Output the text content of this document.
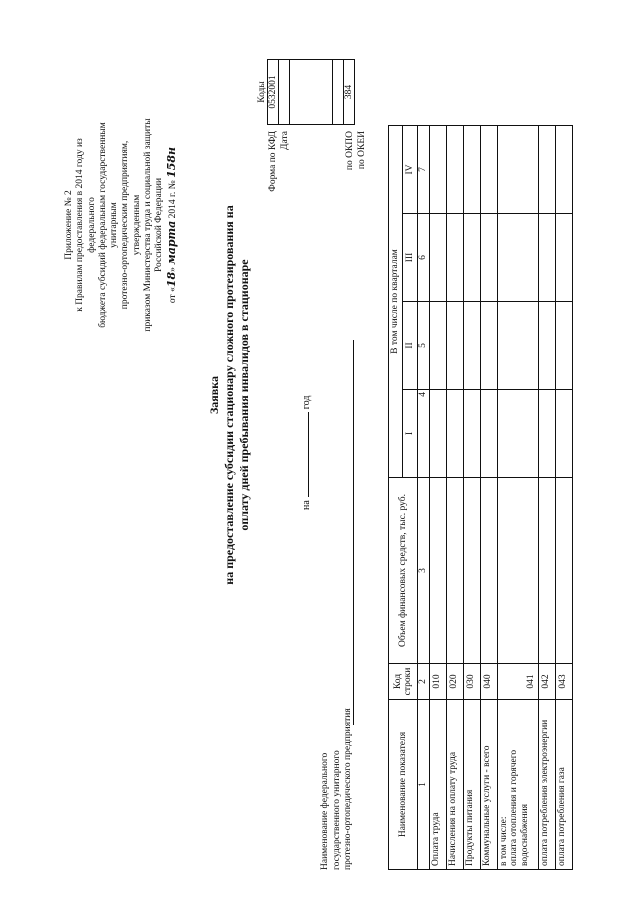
Приложение № 2 к Правилам предоставления в 2014 году из федерального бюджета субсидий федеральным государственным унитарным протезно-ортопедическим предприятиям, утвержденным приказом Министерства труда и социальной защиты Российской Федерации
от «18» марта 2014 г. № 158н
Заявка на предоставление субсидии стационару сложного протезирования на оплату дней пребывания инвалидов в стационаре	нагод
Наименование федерального государственного унитарного протезно-ортопедического предприятия
Форма по КФД Дата	по ОКПО по ОКЕИ
Коды
0532001

384
Наименование показателя	Код строки	Объем финансовых средств, тыс. руб.	В том числе по кварталам			
			I	II	III	IV
1	2	3	4	5	6	7
Оплата труда	010					
Начисления на оплату труда	020					
Продукты питания	030					
Коммунальные услуги - всего	040					
в том числе:
оплата отопления и горячего водоснабжения	041					
оплата потребления электроэнергии	042					
оплата потребления газа	043					
